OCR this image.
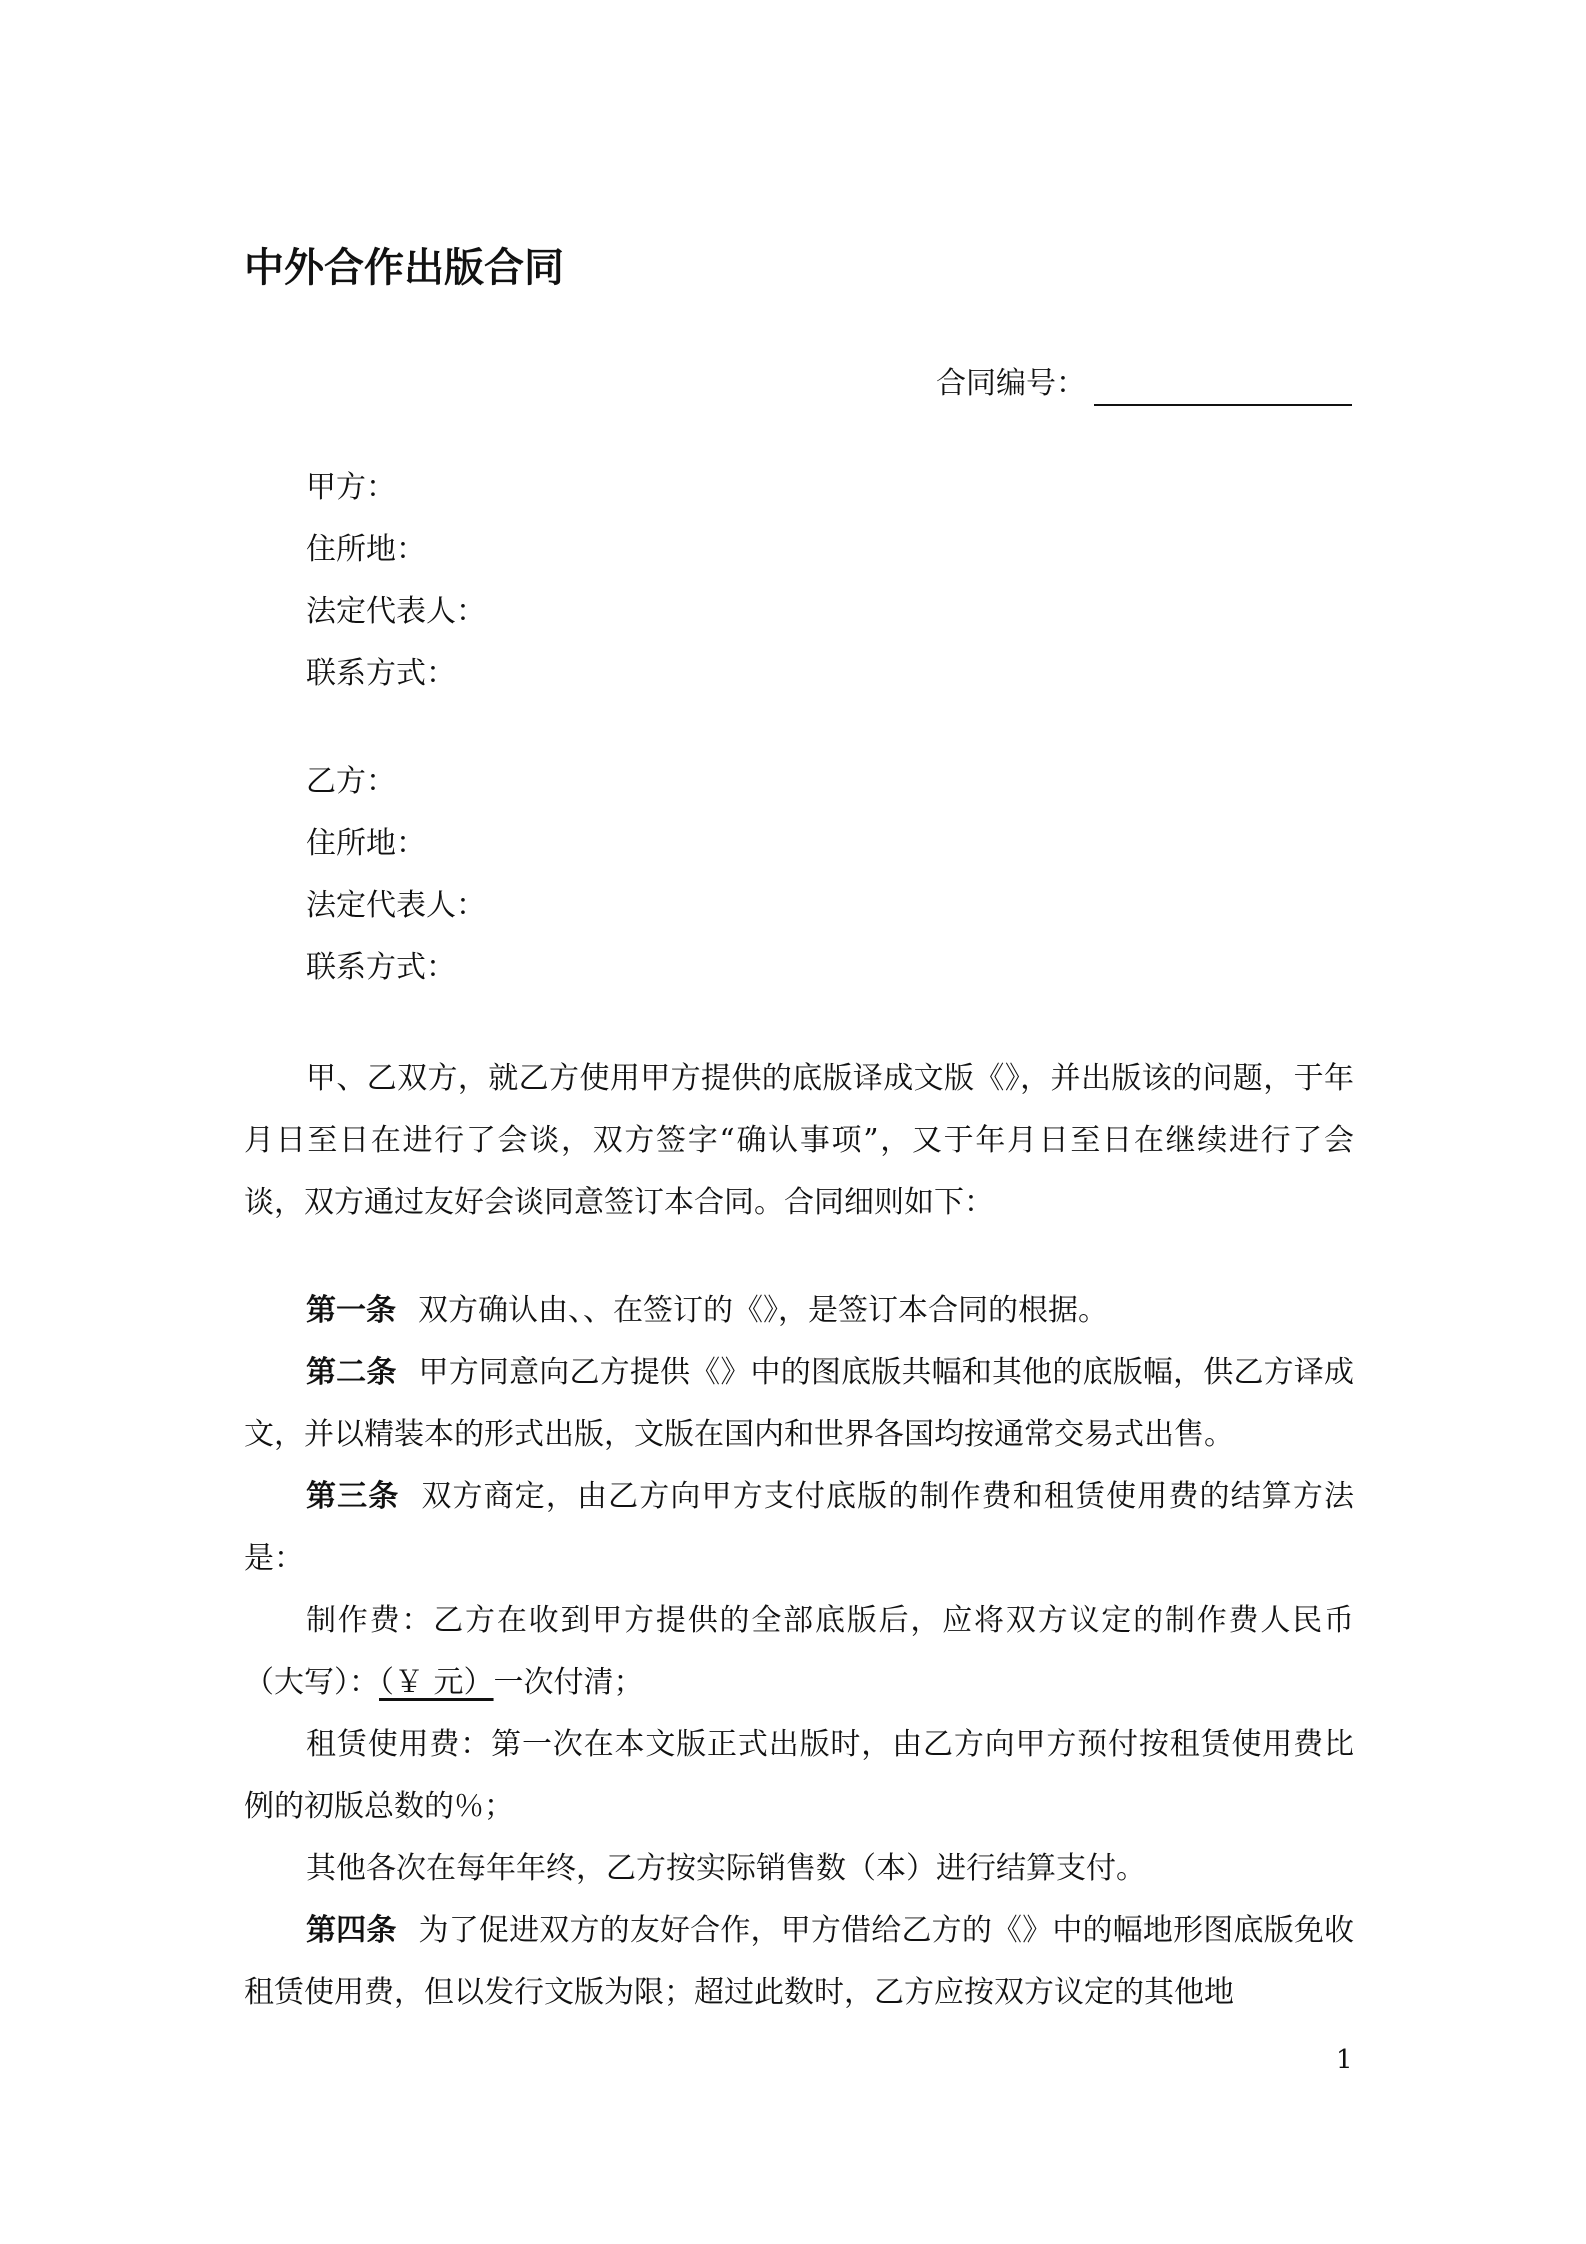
中外合作出版合同
合同编号：
甲方：
住所地：
法定代表人：
联系方式：
乙方：
住所地：
法定代表人：
联系方式：

甲、乙双方，就乙方使用甲方提供的底版译成文版《》，并出版该的问题，于年月日至日在进行了会谈，双方签字“确认事项”，又于年月日至日在继续进行了会谈，双方通过友好会谈同意签订本合同。合同细则如下：

第一条 双方确认由、、在签订的《》，是签订本合同的根据。

第二条 甲方同意向乙方提供《》中的图底版共幅和其他的底版幅，供乙方译成文，并以精装本的形式出版，文版在国内和世界各国均按通常交易式出售。

第三条 双方商定，由乙方向甲方支付底版的制作费和租赁使用费的结算方法是：

制作费：乙方在收到甲方提供的全部底版后，应将双方议定的制作费人民币（大写）：（￥ 元）一次付清；

租赁使用费：第一次在本文版正式出版时，由乙方向甲方预付按租赁使用费比例的初版总数的％；

其他各次在每年年终，乙方按实际销售数（本）进行结算支付。

第四条 为了促进双方的友好合作，甲方借给乙方的《》中的幅地形图底版免收租赁使用费，但以发行文版为限；超过此数时，乙方应按双方议定的其他地

1
